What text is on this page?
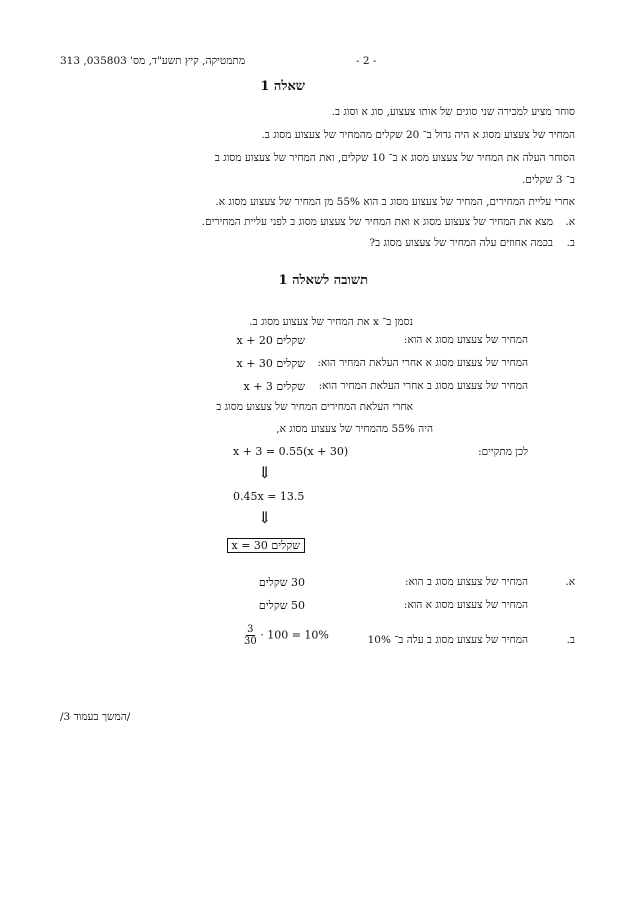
מתמטיקה, קיץ תשע"ד, מס' 035803, 313	- 2 -
שאלה 1
סוחר מציע למכירה שני סוגים של אותו צעצוע, סוג א וסוג ב.
המחיר של צעצוע מסוג א היה גדול ב־ 20 שקלים מהמחיר של צעצוע מסוג ב.
הסוחר העלה את המחיר של צעצוע מסוג א ב־ 10 שקלים, ואת המחיר של צעצוע מסוג ב
ב־ 3 שקלים.
אחרי עליית המחירים, המחיר של צעצוע מסוג ב הוא 55% מן המחיר של צעצוע מסוג א.
א.
מצא את המחיר של צעצוע מסוג א ואת המחיר של צעצוע מסוג ב לפני עליית המחירים.
ב.
בכמה אחוזים עלה המחיר של צעצוע מסוג ב?
תשובה לשאלה 1
נסמן ב־ x את המחיר של צעצוע מסוג ב.
המחיר של צעצוע מסוג א הוא:
x + 20 שקלים
המחיר של צעצוע מסוג א אחרי העלאת המחיר הוא:
x + 30 שקלים
המחיר של צעצוע מסוג ב אחרי העלאת המחיר הוא:
x + 3 שקלים
אחרי העלאת המחירים המחיר של צעצוע מסוג ב
היה 55% מהמחיר של צעצוע מסוג א,
לכן מתקיים:
x + 3 = 0.55(x + 30)
⇓
0.45x = 13.5
⇓
x = 30 שקלים
א.
המחיר של צעצוע מסוג ב הוא:
30 שקלים
המחיר של צעצוע מסוג א הוא:
50 שקלים
ב.
המחיר של צעצוע מסוג ב עלה ב־ 10%
$\frac{3}{30} \cdot 100 = 10\%$
/המשך בעמוד 3/
